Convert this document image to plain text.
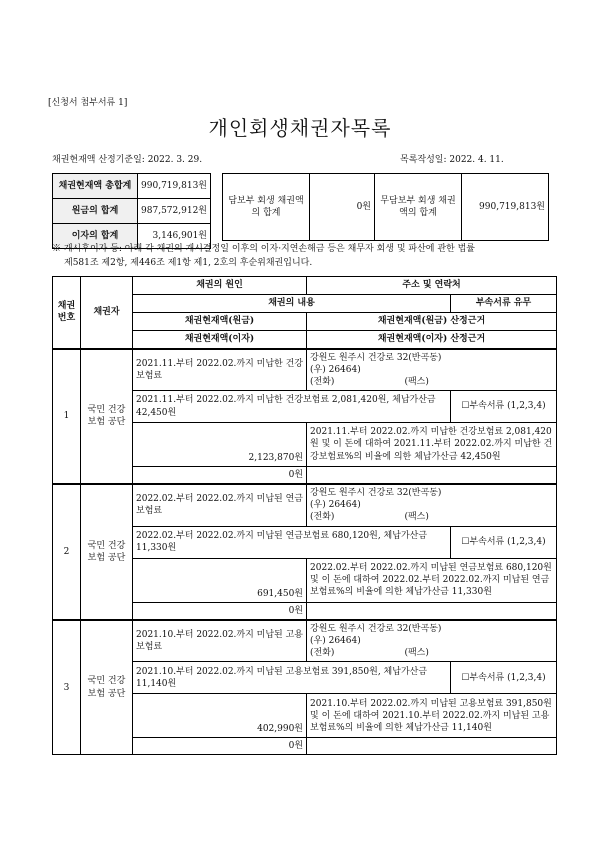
[신청서 첨부서류 1]
개인회생채권자목록
채권현재액 산정기준일: 2022. 3. 29.	목록작성일: 2022. 4. 11.
채권현재액 총합계	990,719,813원
원금의 합계	987,572,912원
이자의 합계	3,146,901원
담보부 회생 채권액의 합계	0원	무담보부 회생 채권액의 합계	990,719,813원
※ 개시후이자 등: 아래 각 채권의 개시결정일 이후의 이자·지연손해금 등은 채무자 회생 및 파산에 관한 법률
제581조 제2항, 제446조 제1항 제1, 2호의 후순위채권입니다.
채권번호	채권자	채권의 원인	주소 및 연락처	
		채권의 내용		부속서류 유무
		채권현재액(원금)	채권현재액(원금) 산정근거	
		채권현재액(이자)	채권현재액(이자) 산정근거	
1	국민 건강 보험 공단	2021.11.부터 2022.02.까지 미납한 건강보험료	강원도 원주시 건강로 32(반곡동)
(우) 26464)
(전화) (팩스)	

		2021.11.부터 2022.02.까지 미납한 건강보험료 2,081,420원, 체납가산금 42,450원		☐부속서류 (1,2,3,4)
		2,123,870원	2021.11.부터 2022.02.까지 미납한 건강보험료 2,081,420원 및 이 돈에 대하여 2021.11.부터 2022.02.까지 미납한 건강보험료%의 비율에 의한 체납가산금 42,450원	
		0원		
2	국민 건강 보험 공단	2022.02.부터 2022.02.까지 미납된 연금보험료	강원도 원주시 건강로 32(반곡동)
(우) 26464)
(전화) (팩스)	

		2022.02.부터 2022.02.까지 미납된 연금보험료 680,120원, 체납가산금 11,330원		☐부속서류 (1,2,3,4)
		691,450원	2022.02.부터 2022.02.까지 미납된 연금보험료 680,120원 및 이 돈에 대하여 2022.02.부터 2022.02.까지 미납된 연금보험료%의 비율에 의한 체납가산금 11,330원	
		0원		
3	국민 건강 보험 공단	2021.10.부터 2022.02.까지 미납된 고용보험료	강원도 원주시 건강로 32(반곡동)
(우) 26464)
(전화) (팩스)	

		2021.10.부터 2022.02.까지 미납된 고용보험료 391,850원, 체납가산금 11,140원		☐부속서류 (1,2,3,4)
		402,990원	2021.10.부터 2022.02.까지 미납된 고용보험료 391,850원 및 이 돈에 대하여 2021.10.부터 2022.02.까지 미납된 고용보험료%의 비율에 의한 체납가산금 11,140원	
		0원		
